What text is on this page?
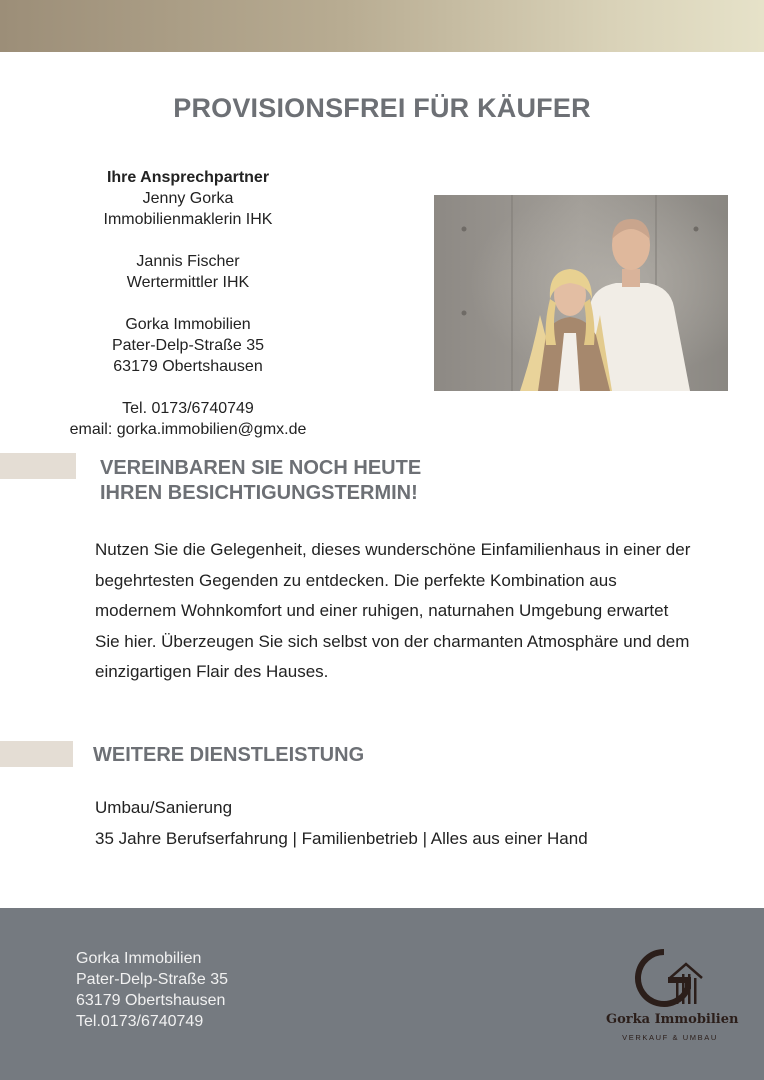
PROVISIONSFREI FÜR KÄUFER
Ihre Ansprechpartner
Jenny Gorka
Immobilienmaklerin IHK
Jannis Fischer
Wertermittler IHK
Gorka Immobilien
Pater-Delp-Straße 35
63179 Obertshausen
Tel. 0173/6740749
email: gorka.immobilien@gmx.de
VEREINBAREN SIE NOCH HEUTE
IHREN BESICHTIGUNGSTERMIN!

Nutzen Sie die Gelegenheit, dieses wunderschöne Einfamilienhaus in einer der begehrtesten Gegenden zu entdecken. Die perfekte Kombination aus modernem Wohnkomfort und einer ruhigen, naturnahen Umgebung erwartet Sie hier. Überzeugen Sie sich selbst von der charmanten Atmosphäre und dem einzigartigen Flair des Hauses.

WEITERE DIENSTLEISTUNG
Umbau/Sanierung
35 Jahre Berufserfahrung | Familienbetrieb | Alles aus einer Hand
Gorka Immobilien
Pater-Delp-Straße 35
63179 Obertshausen
Tel.0173/6740749	Gorka Immobilien
VERKAUF & UMBAU
